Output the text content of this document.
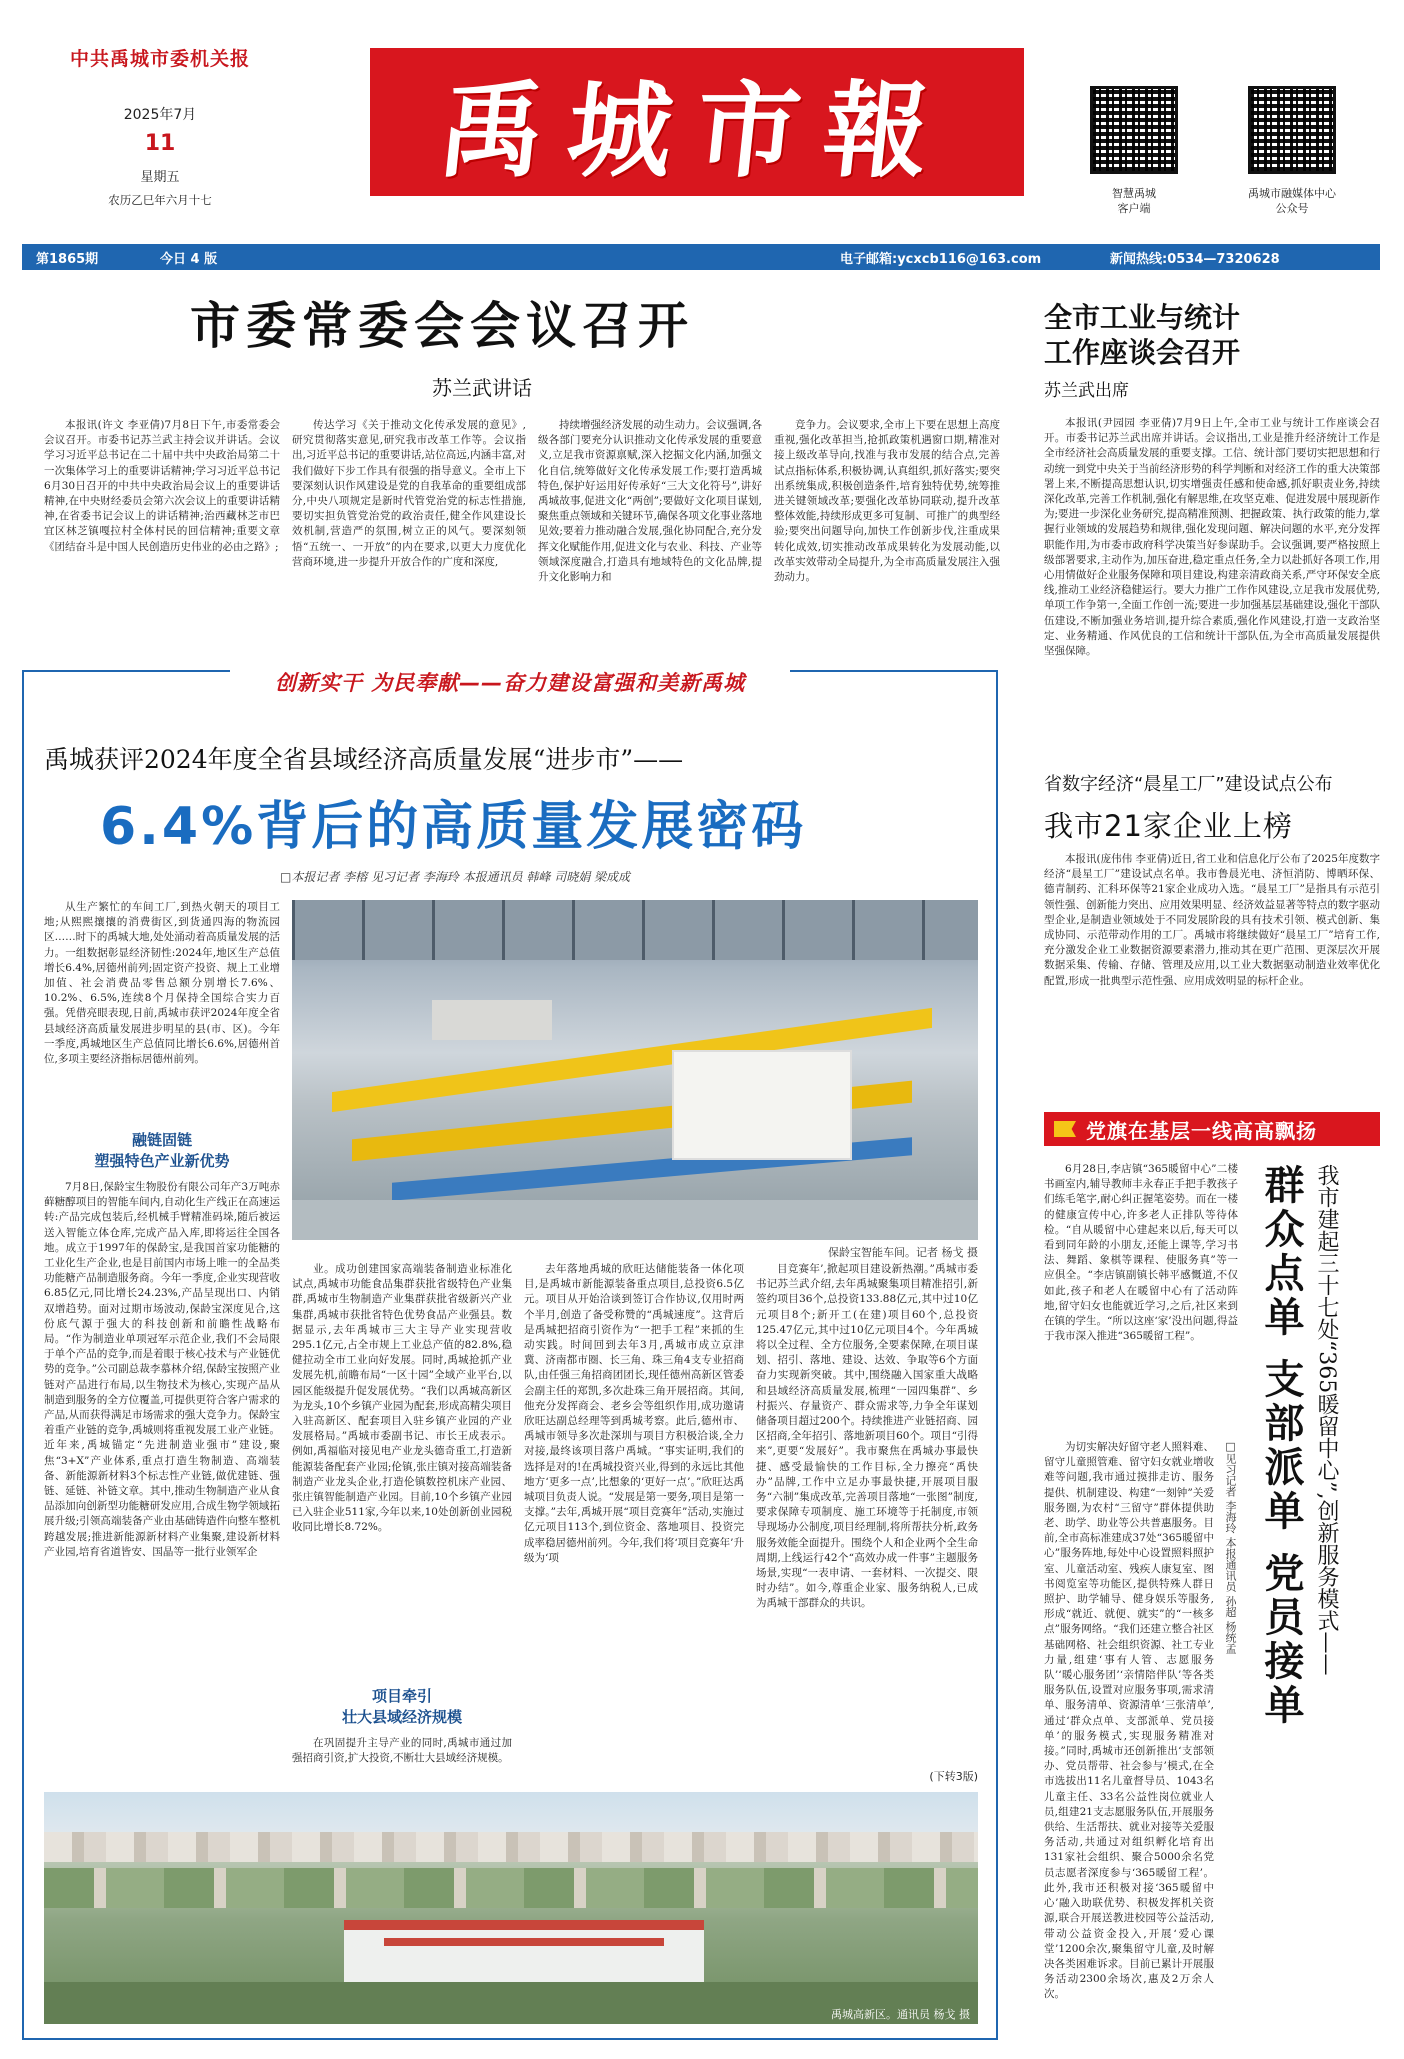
中共禹城市委机关报
2025年7月
11
星期五
农历乙巳年六月十七
禹城市報
智慧禹城
客户端
禹城市融媒体中心
公众号
第1865期	今日 4 版	电子邮箱:ycxcb116@163.com	新闻热线:0534—7320628
市委常委会会议召开
苏兰武讲话

本报讯(许文 李亚倩)7月8日下午,市委常委会会议召开。市委书记苏兰武主持会议并讲话。会议学习习近平总书记在二十届中共中央政治局第二十一次集体学习上的重要讲话精神;学习习近平总书记6月30日召开的中共中央政治局会议上的重要讲话精神,在中央财经委员会第六次会议上的重要讲话精神,在省委书记会议上的讲话精神;治西藏林芝市巴宜区林芝镇嘎拉村全体村民的回信精神;重要文章《团结奋斗是中国人民创造历史伟业的必由之路》;

传达学习《关于推动文化传承发展的意见》,研究贯彻落实意见,研究我市改革工作等。会议指出,习近平总书记的重要讲话,站位高远,内涵丰富,对我们做好下步工作具有很强的指导意义。全市上下要深刻认识作风建设是党的自我革命的重要组成部分,中央八项规定是新时代管党治党的标志性措施,要切实担负管党治党的政治责任,健全作风建设长效机制,营造严的氛围,树立正的风气。要深刻领悟“五统一、一开放”的内在要求,以更大力度优化营商环境,进一步提升开放合作的广度和深度,

持续增强经济发展的动生动力。会议强调,各级各部门要充分认识推动文化传承发展的重要意义,立足我市资源禀赋,深入挖掘文化内涵,加强文化自信,统筹做好文化传承发展工作;要打造禹城特色,保护好运用好传承好“三大文化符号”,讲好禹城故事,促进文化“两创”;要做好文化项目谋划,聚焦重点领域和关键环节,确保各项文化事业落地见效;要着力推动融合发展,强化协同配合,充分发挥文化赋能作用,促进文化与农业、科技、产业等领域深度融合,打造具有地域特色的文化品牌,提升文化影响力和

竞争力。会议要求,全市上下要在思想上高度重视,强化改革担当,抢抓政策机遇窗口期,精准对接上级改革导向,找准与我市发展的结合点,完善试点指标体系,积极协调,认真组织,抓好落实;要突出系统集成,积极创造条件,培育独特优势,统筹推进关键领域改革;要强化改革协同联动,提升改革整体效能,持续形成更多可复制、可推广的典型经验;要突出问题导向,加快工作创新步伐,注重成果转化成效,切实推动改革成果转化为发展动能,以改革实效带动全局提升,为全市高质量发展注入强劲动力。

全市工业与统计
工作座谈会召开
苏兰武出席

本报讯(尹园园 李亚倩)7月9日上午,全市工业与统计工作座谈会召开。市委书记苏兰武出席并讲话。会议指出,工业是推升经济统计工作是全市经济社会高质量发展的重要支撑。工信、统计部门要切实把思想和行动统一到党中央关于当前经济形势的科学判断和对经济工作的重大决策部署上来,不断提高思想认识,切实增强责任感和使命感,抓好职责业务,持续深化改革,完善工作机制,强化有解思维,在攻坚克难、促进发展中展现新作为;要进一步深化业务研究,提高精准预测、把握政策、执行政策的能力,掌握行业领域的发展趋势和规律,强化发现问题、解决问题的水平,充分发挥职能作用,为市委市政府科学决策当好参谋助手。会议强调,要严格按照上级部署要求,主动作为,加压奋进,稳定重点任务,全力以赴抓好各项工作,用心用情做好企业服务保障和项目建设,构建亲清政商关系,严守环保安全底线,推动工业经济稳健运行。要大力推广工作作风建设,立足我市发展优势,单项工作争第一,全面工作创一流;要进一步加强基层基础建设,强化干部队伍建设,不断加强业务培训,提升综合素质,强化作风建设,打造一支政治坚定、业务精通、作风优良的工信和统计干部队伍,为全市高质量发展提供坚强保障。

省数字经济“晨星工厂”建设试点公布
我市21家企业上榜

本报讯(庞伟伟 李亚倩)近日,省工业和信息化厅公布了2025年度数字经济“晨星工厂”建设试点名单。我市鲁晨光电、济恒消防、博晒环保、德青制药、汇科环保等21家企业成功入选。“晨星工厂”是指具有示范引领性强、创新能力突出、应用效果明显、经济效益显著等特点的数字驱动型企业,是制造业领域处于不同发展阶段的具有技术引领、模式创新、集成协同、示范带动作用的工厂。禹城市将继续做好“晨星工厂”培育工作,充分激发企业工业数据资源要素潜力,推动其在更广范围、更深层次开展数据采集、传输、存储、管理及应用,以工业大数据驱动制造业效率优化配置,形成一批典型示范性强、应用成效明显的标杆企业。

创新实干 为民奉献——奋力建设富强和美新禹城
禹城获评2024年度全省县域经济高质量发展“进步市”——
6.4%背后的高质量发展密码
□本报记者 李榕 见习记者 李海玲 本报通讯员 韩峰 司晓娟 梁成成

从生产繁忙的车间工厂,到热火朝天的项目工地;从熙熙攘攘的消费街区,到货通四海的物流园区……时下的禹城大地,处处涌动着高质量发展的活力。一组数据彰显经济韧性:2024年,地区生产总值增长6.4%,居德州前列;固定资产投资、规上工业增加值、社会消费品零售总额分别增长7.6%、10.2%、6.5%,连续8个月保持全国综合实力百强。凭借亮眼表现,日前,禹城市获评2024年度全省县域经济高质量发展进步明星的县(市、区)。今年一季度,禹城地区生产总值同比增长6.6%,居德州首位,多项主要经济指标居德州前列。

保龄宝智能车间。记者 杨戈 摄
融链固链
塑强特色产业新优势

7月8日,保龄宝生物股份有限公司年产3万吨赤藓糖醇项目的智能车间内,自动化生产线正在高速运转:产品完成包装后,经机械手臂精准码垛,随后被运送入智能立体仓库,完成产品入库,即将运往全国各地。成立于1997年的保龄宝,是我国首家功能糖的工业化生产企业,也是目前国内市场上唯一的全品类功能糖产品制造服务商。今年一季度,企业实现营收6.85亿元,同比增长24.23%,产品呈现出口、内销双增趋势。面对过期市场波动,保龄宝深度见合,这份底气源于强大的科技创新和前瞻性战略布局。“作为制造业单项冠军示范企业,我们不会局限于单个产品的竞争,而是着眼于核心技术与产业链优势的竞争。”公司副总裁李慕林介绍,保龄宝按照产业链对产品进行布局,以生物技术为核心,实现产品从制造到服务的全方位覆盖,可提供更符合客户需求的产品,从而获得满足市场需求的强大竞争力。保龄宝着重产业链的竞争,禹城则将重视发展工业产业链。近年来,禹城锚定“先进制造业强市”建设,聚焦“3+X”产业体系,重点打造生物制造、高端装备、新能源新材料3个标志性产业链,做优建链、强链、延链、补链文章。其中,推动生物制造产业从食品添加向创新型功能糖研发应用,合成生物学领域拓展升级;引领高端装备产业由基础铸造件向整车整机跨越发展;推进新能源新材料产业集聚,建设新材料产业园,培育省道皆安、国晶等一批行业领军企

业。成功创建国家高端装备制造业标准化试点,禹城市功能食品集群获批省级特色产业集群,禹城市生物制造产业集群获批省级新兴产业集群,禹城市获批省特色优势食品产业强县。数据显示,去年禹城市三大主导产业实现营收295.1亿元,占全市规上工业总产值的82.8%,稳健拉动全市工业向好发展。同时,禹城抢抓产业发展先机,前瞻布局“一区十园”全域产业平台,以园区能级提升促发展优势。“我们以禹城高新区为龙头,10个乡镇产业园为配套,形成高精尖项目入驻高新区、配套项目入驻乡镇产业园的产业发展格局。”禹城市委副书记、市长王成表示。例如,禹福临对接见电产业龙头德奇重工,打造新能源装备配套产业园;伦镇,张庄镇对接高端装备制造产业龙头企业,打造伦镇数控机床产业园、张庄镇智能制造产业园。目前,10个乡镇产业园已入驻企业511家,今年以来,10处创新创业园税收同比增长8.72%。

项目牵引
壮大县域经济规模

在巩固提升主导产业的同时,禹城市通过加强招商引资,扩大投资,不断壮大县域经济规模。

去年落地禹城的欣旺达储能装备一体化项目,是禹城市新能源装备重点项目,总投资6.5亿元。项目从开始洽谈到签订合作协议,仅用时两个半月,创造了备受称赞的“禹城速度”。这背后是禹城把招商引资作为“一把手工程”来抓的生动实践。时间回到去年3月,禹城市成立京津冀、济南都市圈、长三角、珠三角4支专业招商队,由任强三角招商团团长,现任德州高新区管委会副主任的郑凯,多次赴珠三角开展招商。其间,他充分发挥商会、老乡会等组织作用,成功邀请欣旺达副总经理等到禹城考察。此后,德州市、禹城市领导多次赴深圳与项目方积极洽谈,全力对接,最终该项目落户禹城。“事实证明,我们的选择是对的!在禹城投资兴业,得到的永远比其他地方‘更多一点’,比想象的‘更好一点’。”欣旺达禹城项目负责人说。“发展是第一要务,项目是第一支撑。”去年,禹城开展“项目竞赛年”活动,实施过亿元项目113个,到位资金、落地项目、投资完成率稳居德州前列。今年,我们将‘项目竞赛年’升级为‘项

目竞赛年’,掀起项目建设新热潮。”禹城市委书记苏兰武介绍,去年禹城聚集项目精准招引,新签约项目36个,总投资133.88亿元,其中过10亿元项目8个;新开工(在建)项目60个,总投资125.47亿元,其中过10亿元项目4个。今年禹城将以全过程、全方位服务,全要素保障,在项目谋划、招引、落地、建设、达效、争取等6个方面奋力实现新突破。其中,围绕融入国家重大战略和县域经济高质量发展,梳理“一园四集群”、乡村振兴、存量资产、群众需求等,力争全年谋划储备项目超过200个。持续推进产业链招商、园区招商,全年招引、落地新项目60个。项目“引得来”,更要“发展好”。我市聚焦在禹城办事最快捷、感受最愉快的工作目标,全力擦亮“禹快办”品牌,工作中立足办事最快捷,开展项目服务“六制”集成改革,完善项目落地“一张图”制度,要求保障专项制度、施工环境等于托制度,市领导现场办公制度,项目经理制,将所帮扶分析,政务服务效能全面提升。围绕个人和企业两个全生命周期,上线运行42个“高效办成一件事”主题服务场景,实现“一表申请、一套材料、一次提交、限时办结”。如今,尊重企业家、服务纳税人,已成为禹城干部群众的共识。

(下转3版)
禹城高新区。通讯员 杨戈 摄
党旗在基层一线高高飘扬

6月28日,李店镇“365暖留中心”二楼书画室内,辅导教师丰永春正手把手教孩子们练毛笔字,耐心纠正握笔姿势。而在一楼的健康宣传中心,许多老人正排队等待体检。“自从暖留中心建起来以后,每天可以看到同年龄的小朋友,还能上课等,学习书法、舞蹈、象棋等课程、使服务真”等一应俱全。“李店镇副镇长韩平感慨道,不仅如此,孩子和老人在暖留中心有了活动阵地,留守妇女也能就近学习,之后,社区来到在镇的学生。“所以这座‘家’没出问题,得益于我市深入推进“365暖留工程”。	群众点单 支部派单 党员接单 我市建起三十七处“365暖留中心”,创新服务模式——
□见习记者 李海玲 本报通讯员 孙超 杨统孟

为切实解决好留守老人照料难、留守儿童照管难、留守妇女就业增收难等问题,我市通过摸排走访、服务提供、机制建设、构建“一刻钟”关爱服务圈,为农村“三留守”群体提供助老、助学、助业等公共普惠服务。目前,全市高标准建成37处“365暖留中心”服务阵地,每处中心设置照料照护室、儿童活动室、残疾人康复室、图书阅览室等功能区,提供特殊人群日照护、助学辅导、健身娱乐等服务,形成“就近、就便、就实”的“一核多点”服务网络。“我们还建立整合社区基础网格、社会组织资源、社工专业力量,组建‘事有人管、志愿服务队’‘暖心服务团’‘亲情陪伴队’等各类服务队伍,设置对应服务事项,需求清单、服务清单、资源清单‘三张清单’,通过‘群众点单、支部派单、党员接单’的服务模式,实现服务精准对接。”同时,禹城市还创新推出‘支部领办、党员帮带、社会参与’模式,在全市选拔出11名儿童督导员、1043名儿童主任、33名公益性岗位就业人员,组建21支志愿服务队伍,开展服务供给、生活帮扶、就业对接等关爱服务活动,共通过对组织孵化培育出131家社会组织、聚合5000余名党员志愿者深度参与‘365暖留工程’。此外,我市还积极对接‘365暖留中心’融入助联优势、积极发挥机关资源,联合开展送教进校园等公益活动,带动公益资金投入,开展‘爱心课堂’1200余次,聚集留守儿童,及时解决各类困难诉求。目前已累计开展服务活动2300余场次,惠及2万余人次。
